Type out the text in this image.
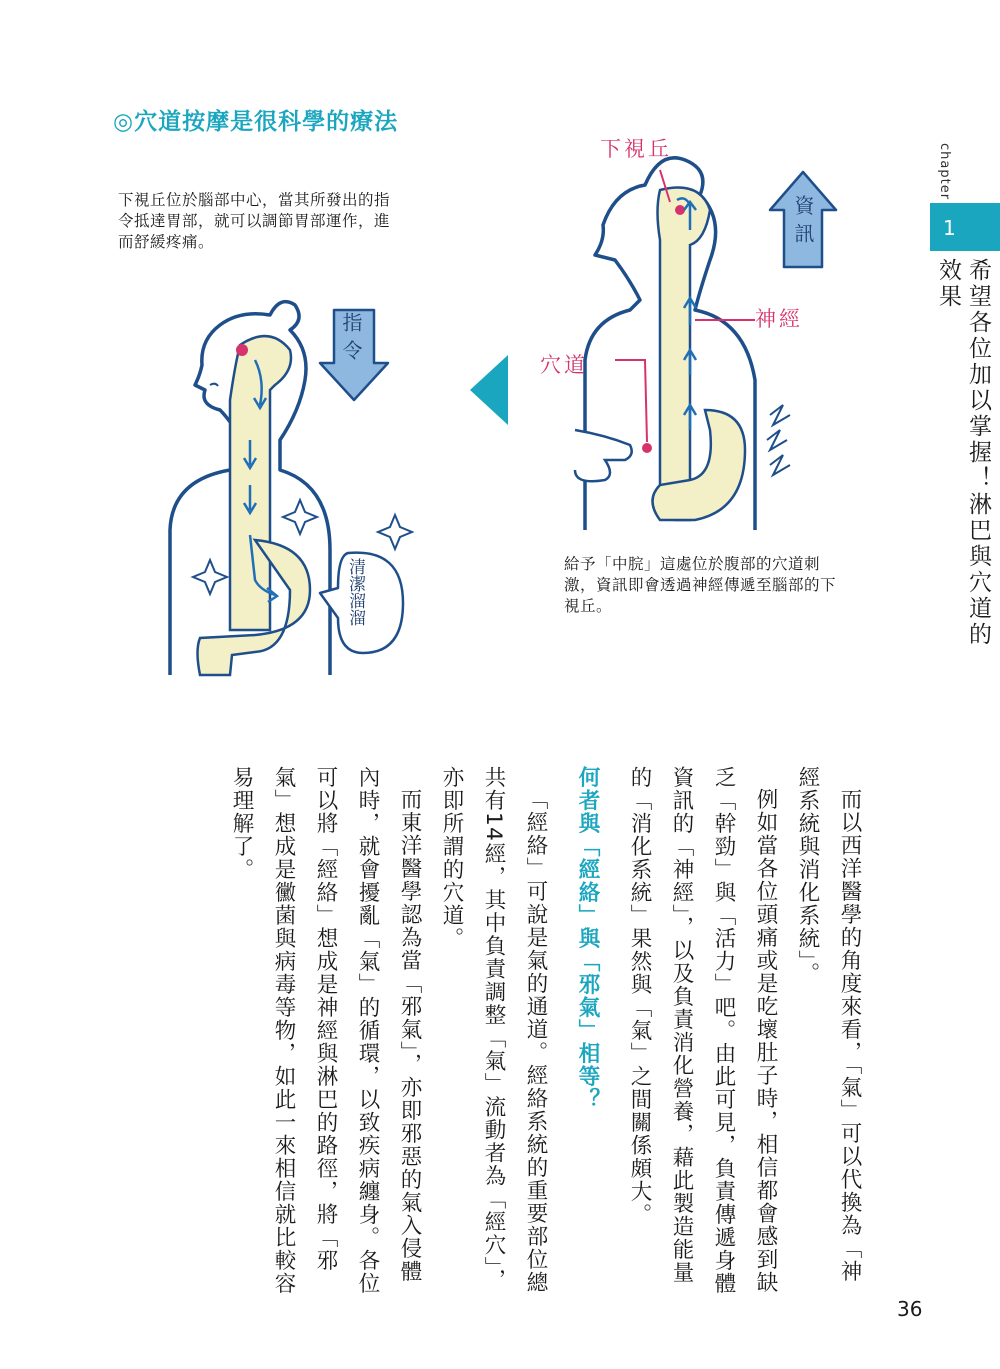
◎穴道按摩是很科學的療法
下視丘位於腦部中心，當其所發出的指令抵達胃部，就可以調節胃部運作，進而舒緩疼痛。
指令
清潔溜溜
資訊
下視丘
神經
穴道
給予「中脘」這處位於腹部的穴道刺激，資訊即會透過神經傳遞至腦部的下視丘。

而以西洋醫學的角度來看，「氣」可以代換為「神經系統與消化系統」。

例如當各位頭痛或是吃壞肚子時，相信都會感到缺乏「幹勁」與「活力」吧。由此可見，負責傳遞身體資訊的「神經」，以及負責消化營養，藉此製造能量的「消化系統」果然與「氣」之間關係頗大。

何者與「經絡」與「邪氣」相等？

「經絡」可說是氣的通道。經絡系統的重要部位總共有14經，其中負責調整「氣」流動者為「經穴」，亦即所謂的穴道。

而東洋醫學認為當「邪氣」，亦即邪惡的氣入侵體內時，就會擾亂「氣」的循環，以致疾病纏身。各位可以將「經絡」想成是神經與淋巴的路徑，將「邪氣」想成是黴菌與病毒等物，如此一來相信就比較容易理解了。

chapter
1
希望各位加以掌握！淋巴與穴道的效果
36
